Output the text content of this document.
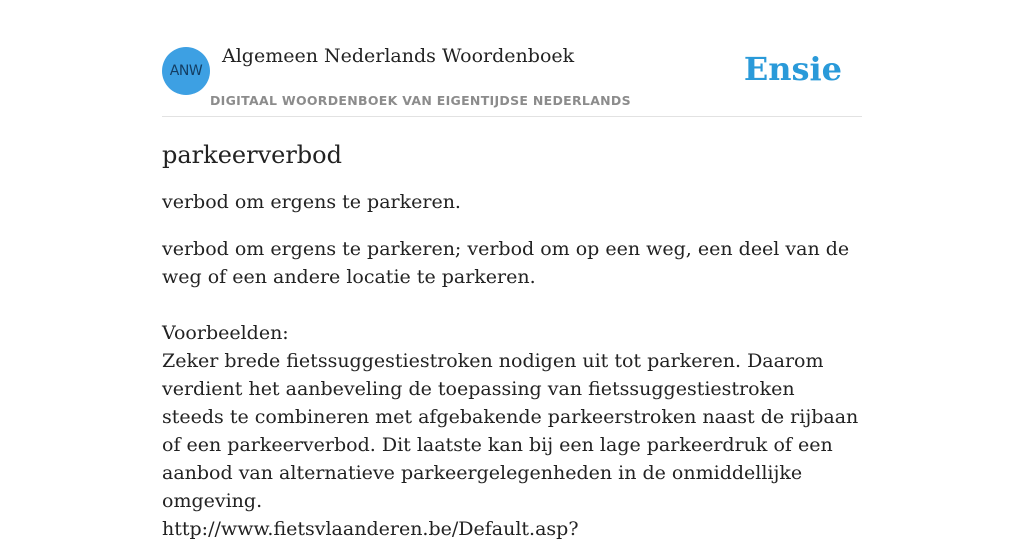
ANW
Algemeen Nederlands Woordenboek
DIGITAAL WOORDENBOEK VAN EIGENTIJDSE NEDERLANDS
Ensie
parkeerverbod

verbod om ergens te parkeren.

verbod om ergens te parkeren; verbod om op een weg, een deel van de weg of een andere locatie te parkeren.

Voorbeelden:

Zeker brede fietssuggestiestroken nodigen uit tot parkeren. Daarom verdient het aanbeveling de toepassing van fietssuggestiestroken steeds te combineren met afgebakende parkeerstroken naast de rijbaan of een parkeerverbod. Dit laatste kan bij een lage parkeerdruk of een aanbod van alternatieve parkeergelegenheden in de onmiddellijke omgeving.

http://www.fietsvlaanderen.be/Default.asp?
